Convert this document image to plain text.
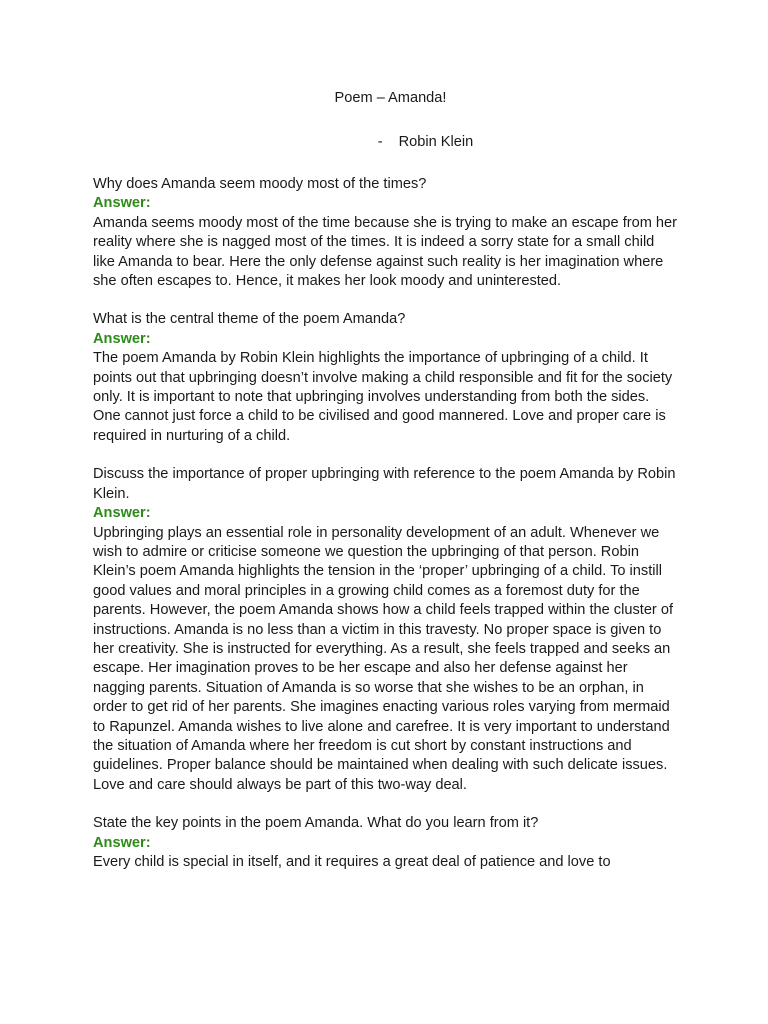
Poem – Amanda!
- Robin Klein

Why does Amanda seem moody most of the times?

Answer:

Amanda seems moody most of the time because she is trying to make an escape from her reality where she is nagged most of the times. It is indeed a sorry state for a small child like Amanda to bear. Here the only defense against such reality is her imagination where she often escapes to. Hence, it makes her look moody and uninterested.

What is the central theme of the poem Amanda?

Answer:

The poem Amanda by Robin Klein highlights the importance of upbringing of a child. It points out that upbringing doesn’t involve making a child responsible and fit for the society only. It is important to note that upbringing involves understanding from both the sides. One cannot just force a child to be civilised and good mannered. Love and proper care is required in nurturing of a child.

Discuss the importance of proper upbringing with reference to the poem Amanda by Robin Klein.

Answer:

Upbringing plays an essential role in personality development of an adult. Whenever we wish to admire or criticise someone we question the upbringing of that person. Robin Klein’s poem Amanda highlights the tension in the ‘proper’ upbringing of a child. To instill good values and moral principles in a growing child comes as a foremost duty for the parents. However, the poem Amanda shows how a child feels trapped within the cluster of instructions. Amanda is no less than a victim in this travesty. No proper space is given to her creativity. She is instructed for everything. As a result, she feels trapped and seeks an escape. Her imagination proves to be her escape and also her defense against her nagging parents. Situation of Amanda is so worse that she wishes to be an orphan, in order to get rid of her parents. She imagines enacting various roles varying from mermaid to Rapunzel. Amanda wishes to live alone and carefree. It is very important to understand the situation of Amanda where her freedom is cut short by constant instructions and guidelines. Proper balance should be maintained when dealing with such delicate issues. Love and care should always be part of this two-way deal.

State the key points in the poem Amanda. What do you learn from it?

Answer:

Every child is special in itself, and it requires a great deal of patience and love to
